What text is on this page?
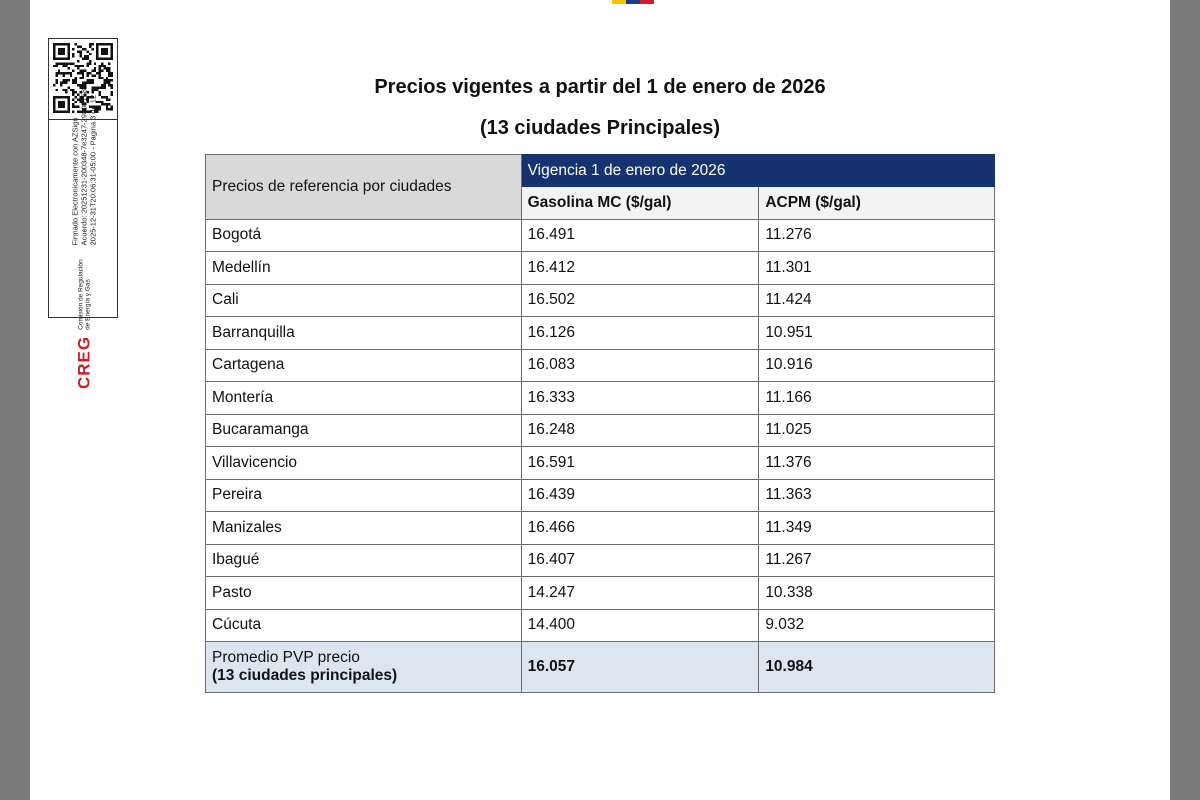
CREG
Comisión de Regulación de Energía y Gas
Firmado Electronicamente con AZSign Acuerdo: 20251231-200348-7e3247-29805168 2025-12-31T20:06:31-05:00 - Pagina 3 de 12
Precios vigentes a partir del 1 de enero de 2026
(13 ciudades Principales)
Precios de referencia por ciudades	Vigencia 1 de enero de 2026	
	Gasolina MC ($/gal)	ACPM ($/gal)
Bogotá	16.491	11.276
Medellín	16.412	11.301
Cali	16.502	11.424
Barranquilla	16.126	10.951
Cartagena	16.083	10.916
Montería	16.333	11.166
Bucaramanga	16.248	11.025
Villavicencio	16.591	11.376
Pereira	16.439	11.363
Manizales	16.466	11.349
Ibagué	16.407	11.267
Pasto	14.247	10.338
Cúcuta	14.400	9.032

Promedio PVP precio
(13 ciudades principales)	16.057	10.984
